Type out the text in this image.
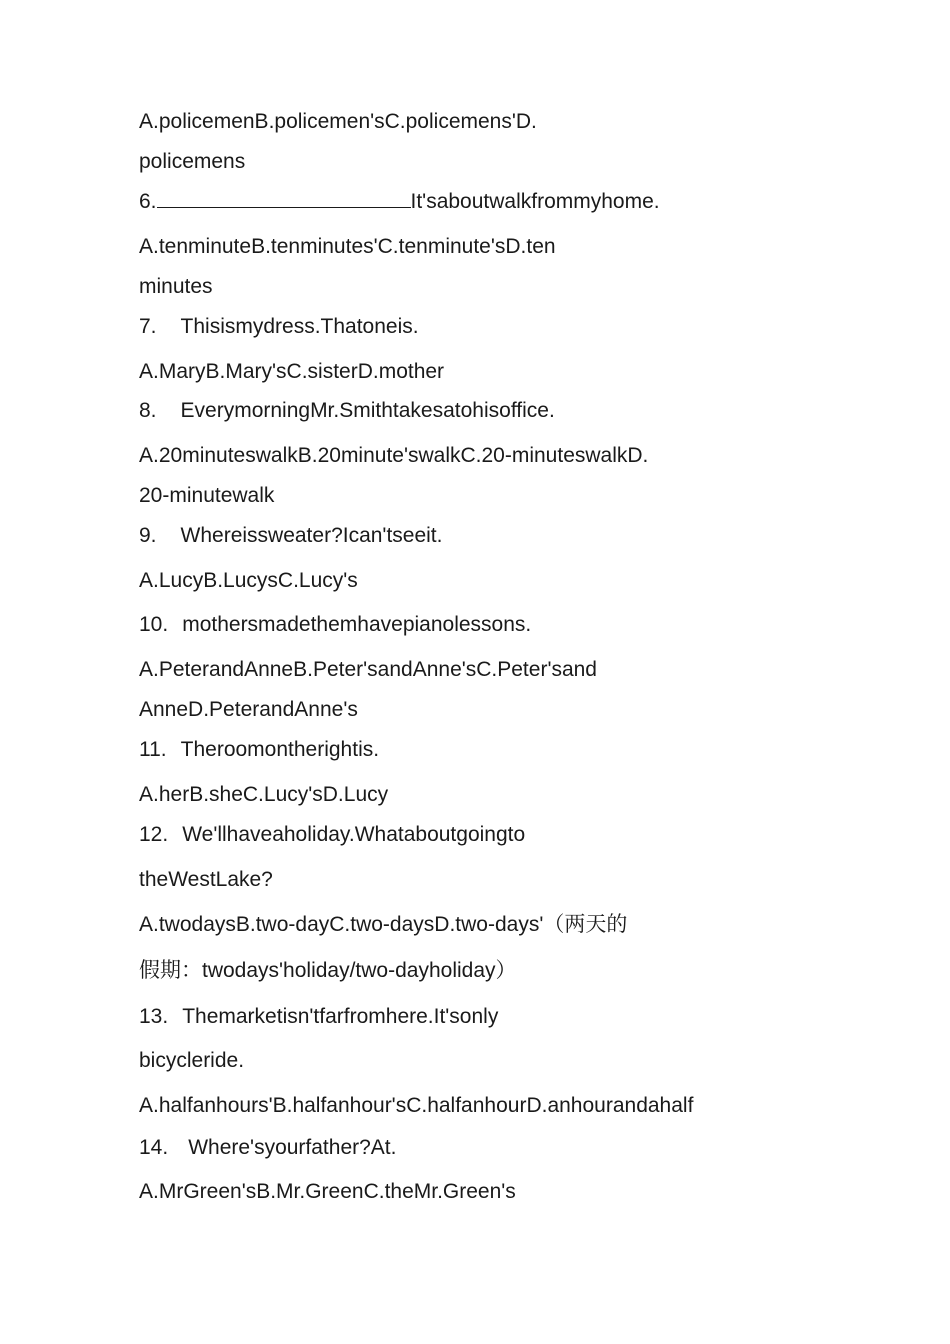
A.policemenB.policemen'sC.policemens'D.
policemens
6.	It'saboutwalkfrommyhome.
A.tenminuteB.tenminutes'C.tenminute'sD.ten
minutes
7. Thisismydress.Thatoneis.
A.MaryB.Mary'sC.sisterD.mother
8. EverymorningMr.Smithtakesatohisoffice.
A.20minuteswalkB.20minute'swalkC.20-minuteswalkD.
20-minutewalk
9. Whereissweater?Ican'tseeit.
A.LucyB.LucysC.Lucy's
10. mothersmadethemhavepianolessons.
A.PeterandAnneB.Peter'sandAnne'sC.Peter'sand
AnneD.PeterandAnne's
11. Theroomontherightis.
A.herB.sheC.Lucy'sD.Lucy
12. We'llhaveaholiday.Whataboutgoingto
theWestLake?
A.twodaysB.two-dayC.two-daysD.two-days'（两天的
假期：twodays'holiday/two-dayholiday）
13. Themarketisn'tfarfromhere.It'sonly
bicycleride.
A.halfanhours'B.halfanhour'sC.halfanhourD.anhourandahalf
14. Where'syourfather?At.
A.MrGreen'sB.Mr.GreenC.theMr.Green's
